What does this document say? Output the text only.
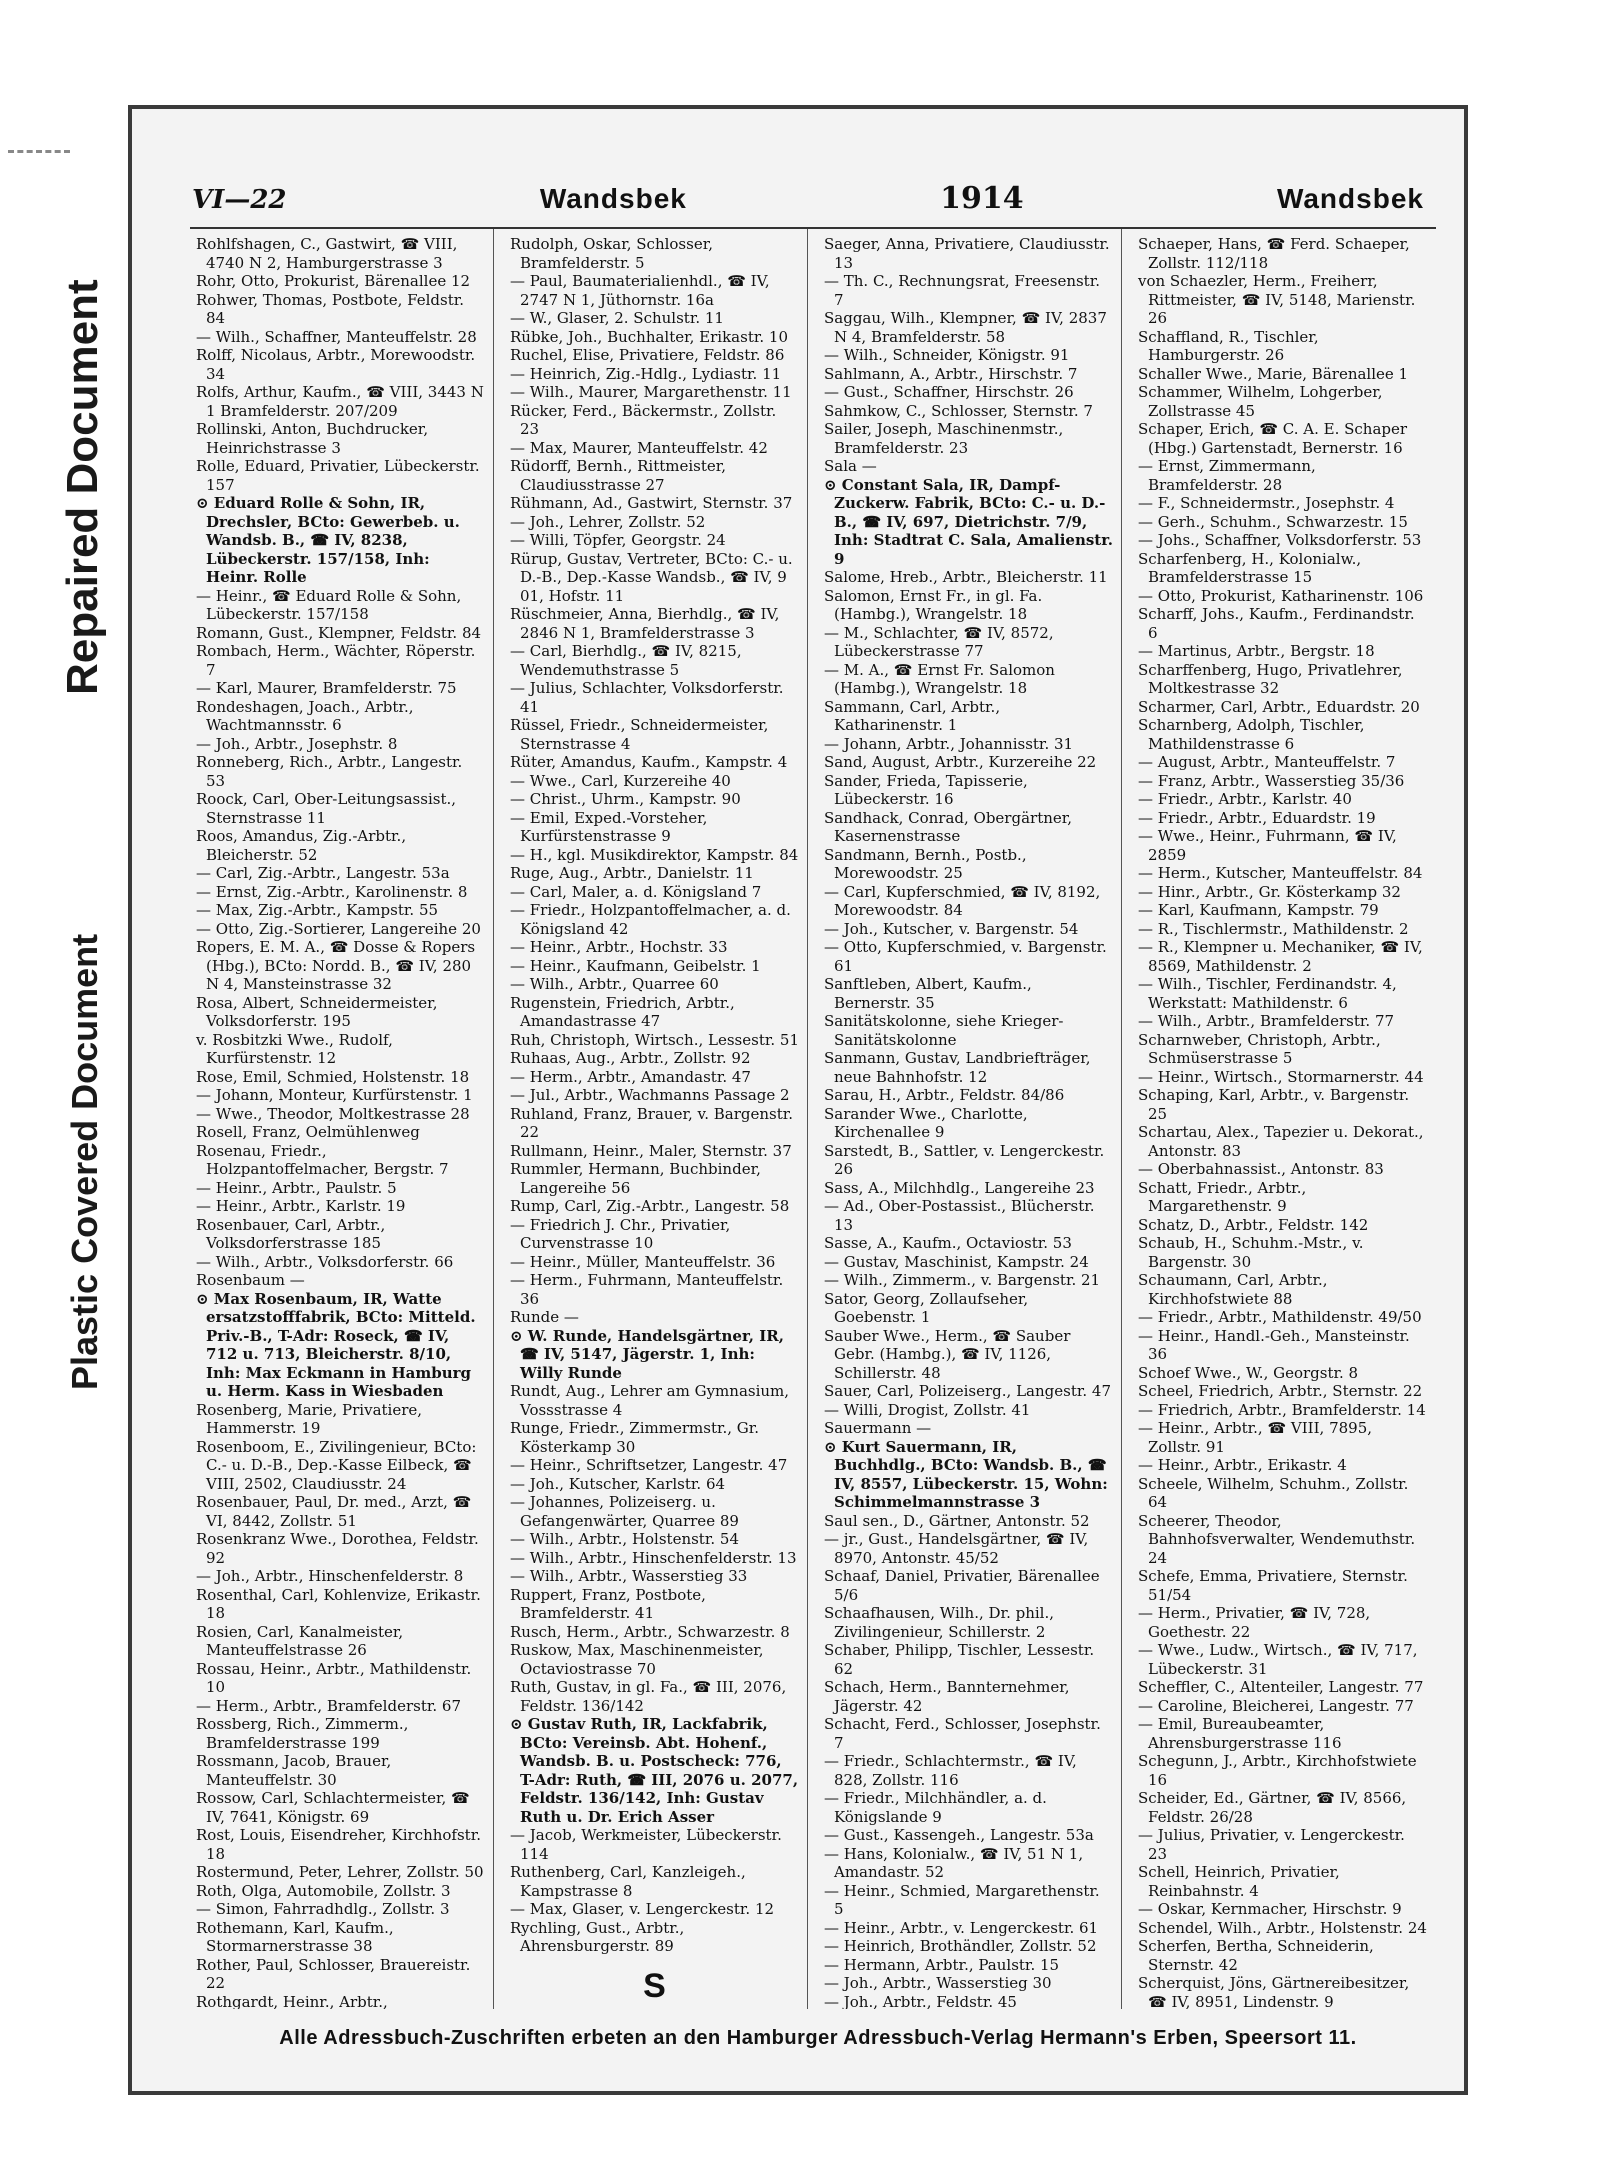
Repaired Document
Plastic Covered Document
VI—22	Wandsbek	1914	Wandsbek

Rohlfshagen, C., Gastwirt, ☎ VIII, 4740 N 2, Hamburgerstrasse 3

Rohr, Otto, Prokurist, Bärenallee 12

Rohwer, Thomas, Postbote, Feldstr. 84

— Wilh., Schaffner, Manteuffelstr. 28

Rolff, Nicolaus, Arbtr., Morewoodstr. 34

Rolfs, Arthur, Kaufm., ☎ VIII, 3443 N 1 Bramfelderstr. 207/209

Rollinski, Anton, Buchdrucker, Heinrichstrasse 3

Rolle, Eduard, Privatier, Lübeckerstr. 157

⊙ Eduard Rolle & Sohn, IR, Drechsler, BCto: Gewerbeb. u. Wandsb. B., ☎ IV, 8238, Lübeckerstr. 157/158, Inh: Heinr. Rolle

— Heinr., ☎ Eduard Rolle & Sohn, Lübeckerstr. 157/158

Romann, Gust., Klempner, Feldstr. 84

Rombach, Herm., Wächter, Röperstr. 7

— Karl, Maurer, Bramfelderstr. 75

Rondeshagen, Joach., Arbtr., Wachtmannsstr. 6

— Joh., Arbtr., Josephstr. 8

Ronneberg, Rich., Arbtr., Langestr. 53

Roock, Carl, Ober-Leitungsassist., Sternstrasse 11

Roos, Amandus, Zig.-Arbtr., Bleicherstr. 52

— Carl, Zig.-Arbtr., Langestr. 53a

— Ernst, Zig.-Arbtr., Karolinenstr. 8

— Max, Zig.-Arbtr., Kampstr. 55

— Otto, Zig.-Sortierer, Langereihe 20

Ropers, E. M. A., ☎ Dosse & Ropers (Hbg.), BCto: Nordd. B., ☎ IV, 280 N 4, Mansteinstrasse 32

Rosa, Albert, Schneidermeister, Volksdorferstr. 195

v. Rosbitzki Wwe., Rudolf, Kurfürstenstr. 12

Rose, Emil, Schmied, Holstenstr. 18

— Johann, Monteur, Kurfürstenstr. 1

— Wwe., Theodor, Moltkestrasse 28

Rosell, Franz, Oelmühlenweg

Rosenau, Friedr., Holzpantoffelmacher, Bergstr. 7

— Heinr., Arbtr., Paulstr. 5

— Heinr., Arbtr., Karlstr. 19

Rosenbauer, Carl, Arbtr., Volksdorferstrasse 185

— Wilh., Arbtr., Volksdorferstr. 66

Rosenbaum —

⊙ Max Rosenbaum, IR, Watte ersatzstofffabrik, BCto: Mitteld. Priv.-B., T-Adr: Roseck, ☎ IV, 712 u. 713, Bleicherstr. 8/10, Inh: Max Eckmann in Hamburg u. Herm. Kass in Wiesbaden

Rosenberg, Marie, Privatiere, Hammerstr. 19

Rosenboom, E., Zivilingenieur, BCto: C.- u. D.-B., Dep.-Kasse Eilbeck, ☎ VIII, 2502, Claudiusstr. 24

Rosenbauer, Paul, Dr. med., Arzt, ☎ VI, 8442, Zollstr. 51

Rosenkranz Wwe., Dorothea, Feldstr. 92

— Joh., Arbtr., Hinschenfelderstr. 8

Rosenthal, Carl, Kohlenvize, Erikastr. 18

Rosien, Carl, Kanalmeister, Manteuffelstrasse 26

Rossau, Heinr., Arbtr., Mathildenstr. 10

— Herm., Arbtr., Bramfelderstr. 67

Rossberg, Rich., Zimmerm., Bramfelderstrasse 199

Rossmann, Jacob, Brauer, Manteuffelstr. 30

Rossow, Carl, Schlachtermeister, ☎ IV, 7641, Königstr. 69

Rost, Louis, Eisendreher, Kirchhofstr. 18

Rostermund, Peter, Lehrer, Zollstr. 50

Roth, Olga, Automobile, Zollstr. 3

— Simon, Fahrradhdlg., Zollstr. 3

Rothemann, Karl, Kaufm., Stormarnerstrasse 38

Rother, Paul, Schlosser, Brauereistr. 22

Rothgardt, Heinr., Arbtr.,

Rudolph, Oskar, Schlosser, Bramfelderstr. 5

— Paul, Baumaterialienhdl., ☎ IV, 2747 N 1, Jüthornstr. 16a

— W., Glaser, 2. Schulstr. 11

Rübke, Joh., Buchhalter, Erikastr. 10

Ruchel, Elise, Privatiere, Feldstr. 86

— Heinrich, Zig.-Hdlg., Lydiastr. 11

— Wilh., Maurer, Margarethenstr. 11

Rücker, Ferd., Bäckermstr., Zollstr. 23

— Max, Maurer, Manteuffelstr. 42

Rüdorff, Bernh., Rittmeister, Claudiusstrasse 27

Rühmann, Ad., Gastwirt, Sternstr. 37

— Joh., Lehrer, Zollstr. 52

— Willi, Töpfer, Georgstr. 24

Rürup, Gustav, Vertreter, BCto: C.- u. D.-B., Dep.-Kasse Wandsb., ☎ IV, 9 01, Hofstr. 11

Rüschmeier, Anna, Bierhdlg., ☎ IV, 2846 N 1, Bramfelderstrasse 3

— Carl, Bierhdlg., ☎ IV, 8215, Wendemuthstrasse 5

— Julius, Schlachter, Volksdorferstr. 41

Rüssel, Friedr., Schneidermeister, Sternstrasse 4

Rüter, Amandus, Kaufm., Kampstr. 4

— Wwe., Carl, Kurzereihe 40

— Christ., Uhrm., Kampstr. 90

— Emil, Exped.-Vorsteher, Kurfürstenstrasse 9

— H., kgl. Musikdirektor, Kampstr. 84

Ruge, Aug., Arbtr., Danielstr. 11

— Carl, Maler, a. d. Königsland 7

— Friedr., Holzpantoffelmacher, a. d. Königsland 42

— Heinr., Arbtr., Hochstr. 33

— Heinr., Kaufmann, Geibelstr. 1

— Wilh., Arbtr., Quarree 60

Rugenstein, Friedrich, Arbtr., Amandastrasse 47

Ruh, Christoph, Wirtsch., Lessestr. 51

Ruhaas, Aug., Arbtr., Zollstr. 92

— Herm., Arbtr., Amandastr. 47

— Jul., Arbtr., Wachmanns Passage 2

Ruhland, Franz, Brauer, v. Bargenstr. 22

Rullmann, Heinr., Maler, Sternstr. 37

Rummler, Hermann, Buchbinder, Langereihe 56

Rump, Carl, Zig.-Arbtr., Langestr. 58

— Friedrich J. Chr., Privatier, Curvenstrasse 10

— Heinr., Müller, Manteuffelstr. 36

— Herm., Fuhrmann, Manteuffelstr. 36

Runde —

⊙ W. Runde, Handelsgärtner, IR, ☎ IV, 5147, Jägerstr. 1, Inh: Willy Runde

Rundt, Aug., Lehrer am Gymnasium, Vossstrasse 4

Runge, Friedr., Zimmermstr., Gr. Kösterkamp 30

— Heinr., Schriftsetzer, Langestr. 47

— Joh., Kutscher, Karlstr. 64

— Johannes, Polizeiserg. u. Gefangenwärter, Quarree 89

— Wilh., Arbtr., Holstenstr. 54

— Wilh., Arbtr., Hinschenfelderstr. 13

— Wilh., Arbtr., Wasserstieg 33

Ruppert, Franz, Postbote, Bramfelderstr. 41

Rusch, Herm., Arbtr., Schwarzestr. 8

Ruskow, Max, Maschinenmeister, Octaviostrasse 70

Ruth, Gustav, in gl. Fa., ☎ III, 2076, Feldstr. 136/142

⊙ Gustav Ruth, IR, Lackfabrik, BCto: Vereinsb. Abt. Hohenf., Wandsb. B. u. Postscheck: 776, T-Adr: Ruth, ☎ III, 2076 u. 2077, Feldstr. 136/142, Inh: Gustav Ruth u. Dr. Erich Asser

— Jacob, Werkmeister, Lübeckerstr. 114

Ruthenberg, Carl, Kanzleigeh., Kampstrasse 8

— Max, Glaser, v. Lengerckestr. 12

Rychling, Gust., Arbtr., Ahrensburgerstr. 89

S

Saeger, Anna, Privatiere, Claudiusstr. 13

— Th. C., Rechnungsrat, Freesenstr. 7

Saggau, Wilh., Klempner, ☎ IV, 2837 N 4, Bramfelderstr. 58

— Wilh., Schneider, Königstr. 91

Sahlmann, A., Arbtr., Hirschstr. 7

— Gust., Schaffner, Hirschstr. 26

Sahmkow, C., Schlosser, Sternstr. 7

Sailer, Joseph, Maschinenmstr., Bramfelderstr. 23

Sala —

⊙ Constant Sala, IR, Dampf-Zuckerw. Fabrik, BCto: C.- u. D.-B., ☎ IV, 697, Dietrichstr. 7/9, Inh: Stadtrat C. Sala, Amalienstr. 9

Salome, Hreb., Arbtr., Bleicherstr. 11

Salomon, Ernst Fr., in gl. Fa. (Hambg.), Wrangelstr. 18

— M., Schlachter, ☎ IV, 8572, Lübeckerstrasse 77

— M. A., ☎ Ernst Fr. Salomon (Hambg.), Wrangelstr. 18

Sammann, Carl, Arbtr., Katharinenstr. 1

— Johann, Arbtr., Johannisstr. 31

Sand, August, Arbtr., Kurzereihe 22

Sander, Frieda, Tapisserie, Lübeckerstr. 16

Sandhack, Conrad, Obergärtner, Kasernenstrasse

Sandmann, Bernh., Postb., Morewoodstr. 25

— Carl, Kupferschmied, ☎ IV, 8192, Morewoodstr. 84

— Joh., Kutscher, v. Bargenstr. 54

— Otto, Kupferschmied, v. Bargenstr. 61

Sanftleben, Albert, Kaufm., Bernerstr. 35

Sanitätskolonne, siehe Krieger-Sanitätskolonne

Sanmann, Gustav, Landbriefträger, neue Bahnhofstr. 12

Sarau, H., Arbtr., Feldstr. 84/86

Sarander Wwe., Charlotte, Kirchenallee 9

Sarstedt, B., Sattler, v. Lengerckestr. 26

Sass, A., Milchhdlg., Langereihe 23

— Ad., Ober-Postassist., Blücherstr. 13

Sasse, A., Kaufm., Octaviostr. 53

— Gustav, Maschinist, Kampstr. 24

— Wilh., Zimmerm., v. Bargenstr. 21

Sator, Georg, Zollaufseher, Goebenstr. 1

Sauber Wwe., Herm., ☎ Sauber Gebr. (Hambg.), ☎ IV, 1126, Schillerstr. 48

Sauer, Carl, Polizeiserg., Langestr. 47

— Willi, Drogist, Zollstr. 41

Sauermann —

⊙ Kurt Sauermann, IR, Buchhdlg., BCto: Wandsb. B., ☎ IV, 8557, Lübeckerstr. 15, Wohn: Schimmelmannstrasse 3

Saul sen., D., Gärtner, Antonstr. 52

— jr., Gust., Handelsgärtner, ☎ IV, 8970, Antonstr. 45/52

Schaaf, Daniel, Privatier, Bärenallee 5/6

Schaafhausen, Wilh., Dr. phil., Zivilingenieur, Schillerstr. 2

Schaber, Philipp, Tischler, Lessestr. 62

Schach, Herm., Bannternehmer, Jägerstr. 42

Schacht, Ferd., Schlosser, Josephstr. 7

— Friedr., Schlachtermstr., ☎ IV, 828, Zollstr. 116

— Friedr., Milchhändler, a. d. Königslande 9

— Gust., Kassengeh., Langestr. 53a

— Hans, Kolonialw., ☎ IV, 51 N 1, Amandastr. 52

— Heinr., Schmied, Margarethenstr. 5

— Heinr., Arbtr., v. Lengerckestr. 61

— Heinrich, Brothändler, Zollstr. 52

— Hermann, Arbtr., Paulstr. 15

— Joh., Arbtr., Wasserstieg 30

— Joh., Arbtr., Feldstr. 45

Schaeper, Hans, ☎ Ferd. Schaeper, Zollstr. 112/118

von Schaezler, Herm., Freiherr, Rittmeister, ☎ IV, 5148, Marienstr. 26

Schaffland, R., Tischler, Hamburgerstr. 26

Schaller Wwe., Marie, Bärenallee 1

Schammer, Wilhelm, Lohgerber, Zollstrasse 45

Schaper, Erich, ☎ C. A. E. Schaper (Hbg.) Gartenstadt, Bernerstr. 16

— Ernst, Zimmermann, Bramfelderstr. 28

— F., Schneidermstr., Josephstr. 4

— Gerh., Schuhm., Schwarzestr. 15

— Johs., Schaffner, Volksdorferstr. 53

Scharfenberg, H., Kolonialw., Bramfelderstrasse 15

— Otto, Prokurist, Katharinenstr. 106

Scharff, Johs., Kaufm., Ferdinandstr. 6

— Martinus, Arbtr., Bergstr. 18

Scharffenberg, Hugo, Privatlehrer, Moltkestrasse 32

Scharmer, Carl, Arbtr., Eduardstr. 20

Scharnberg, Adolph, Tischler, Mathildenstrasse 6

— August, Arbtr., Manteuffelstr. 7

— Franz, Arbtr., Wasserstieg 35/36

— Friedr., Arbtr., Karlstr. 40

— Friedr., Arbtr., Eduardstr. 19

— Wwe., Heinr., Fuhrmann, ☎ IV, 2859

— Herm., Kutscher, Manteuffelstr. 84

— Hinr., Arbtr., Gr. Kösterkamp 32

— Karl, Kaufmann, Kampstr. 79

— R., Tischlermstr., Mathildenstr. 2

— R., Klempner u. Mechaniker, ☎ IV, 8569, Mathildenstr. 2

— Wilh., Tischler, Ferdinandstr. 4, Werkstatt: Mathildenstr. 6

— Wilh., Arbtr., Bramfelderstr. 77

Scharnweber, Christoph, Arbtr., Schmüserstrasse 5

— Heinr., Wirtsch., Stormarnerstr. 44

Schaping, Karl, Arbtr., v. Bargenstr. 25

Schartau, Alex., Tapezier u. Dekorat., Antonstr. 83

— Oberbahnassist., Antonstr. 83

Schatt, Friedr., Arbtr., Margarethenstr. 9

Schatz, D., Arbtr., Feldstr. 142

Schaub, H., Schuhm.-Mstr., v. Bargenstr. 30

Schaumann, Carl, Arbtr., Kirchhofstwiete 88

— Friedr., Arbtr., Mathildenstr. 49/50

— Heinr., Handl.-Geh., Mansteinstr. 36

Schoef Wwe., W., Georgstr. 8

Scheel, Friedrich, Arbtr., Sternstr. 22

— Friedrich, Arbtr., Bramfelderstr. 14

— Heinr., Arbtr., ☎ VIII, 7895, Zollstr. 91

— Heinr., Arbtr., Erikastr. 4

Scheele, Wilhelm, Schuhm., Zollstr. 64

Scheerer, Theodor, Bahnhofsverwalter, Wendemuthstr. 24

Schefe, Emma, Privatiere, Sternstr. 51/54

— Herm., Privatier, ☎ IV, 728, Goethestr. 22

— Wwe., Ludw., Wirtsch., ☎ IV, 717, Lübeckerstr. 31

Scheffler, C., Altenteiler, Langestr. 77

— Caroline, Bleicherei, Langestr. 77

— Emil, Bureaubeamter, Ahrensburgerstrasse 116

Schegunn, J., Arbtr., Kirchhofstwiete 16

Scheider, Ed., Gärtner, ☎ IV, 8566, Feldstr. 26/28

— Julius, Privatier, v. Lengerckestr. 23

Schell, Heinrich, Privatier, Reinbahnstr. 4

— Oskar, Kernmacher, Hirschstr. 9

Schendel, Wilh., Arbtr., Holstenstr. 24

Scherfen, Bertha, Schneiderin, Sternstr. 42

Scherquist, Jöns, Gärtnereibesitzer, ☎ IV, 8951, Lindenstr. 9

Alle Adressbuch-Zuschriften erbeten an den Hamburger Adressbuch-Verlag Hermann's Erben, Speersort 11.
